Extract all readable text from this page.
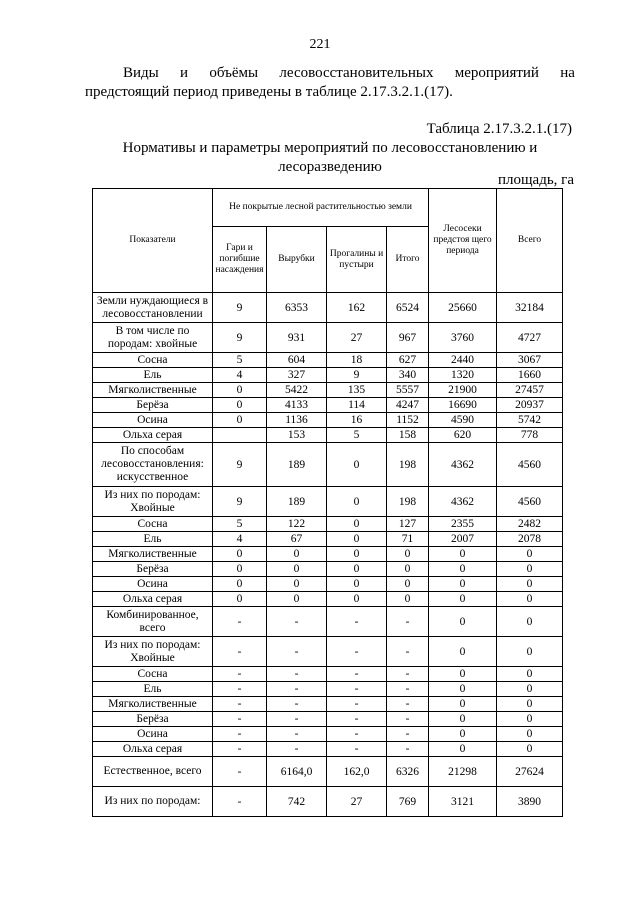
221
Виды и объёмы лесовосстановительных мероприятий на
предстоящий период приведены в таблице 2.17.3.2.1.(17).
Таблица 2.17.3.2.1.(17)
Нормативы и параметры мероприятий по лесовосстановлению и
лесоразведению
площадь, га
Показатели	Не покрытые лесной растительностью земли				Лесосеки предстоя щего периода	Всего
	Гари и погибшие насаждения	Вырубки	Прогалины и пустыри	Итого		
Земли нуждающиеся в лесовосстановлении	9	6353	162	6524	25660	32184
В том числе по породам: хвойные	9	931	27	967	3760	4727
Сосна	5	604	18	627	2440	3067
Ель	4	327	9	340	1320	1660
Мягколиственные	0	5422	135	5557	21900	27457
Берёза	0	4133	114	4247	16690	20937
Осина	0	1136	16	1152	4590	5742
Ольха серая		153	5	158	620	778
По способам лесовосстановления: искусственное	9	189	0	198	4362	4560
Из них по породам: Хвойные	9	189	0	198	4362	4560
Сосна	5	122	0	127	2355	2482
Ель	4	67	0	71	2007	2078
Мягколиственные	0	0	0	0	0	0
Берёза	0	0	0	0	0	0
Осина	0	0	0	0	0	0
Ольха серая	0	0	0	0	0	0
Комбинированное, всего	-	-	-	-	0	0
Из них по породам: Хвойные	-	-	-	-	0	0
Сосна	-	-	-	-	0	0
Ель	-	-	-	-	0	0
Мягколиственные	-	-	-	-	0	0
Берёза	-	-	-	-	0	0
Осина	-	-	-	-	0	0
Ольха серая	-	-	-	-	0	0
Естественное, всего	-	6164,0	162,0	6326	21298	27624
Из них по породам:	-	742	27	769	3121	3890
